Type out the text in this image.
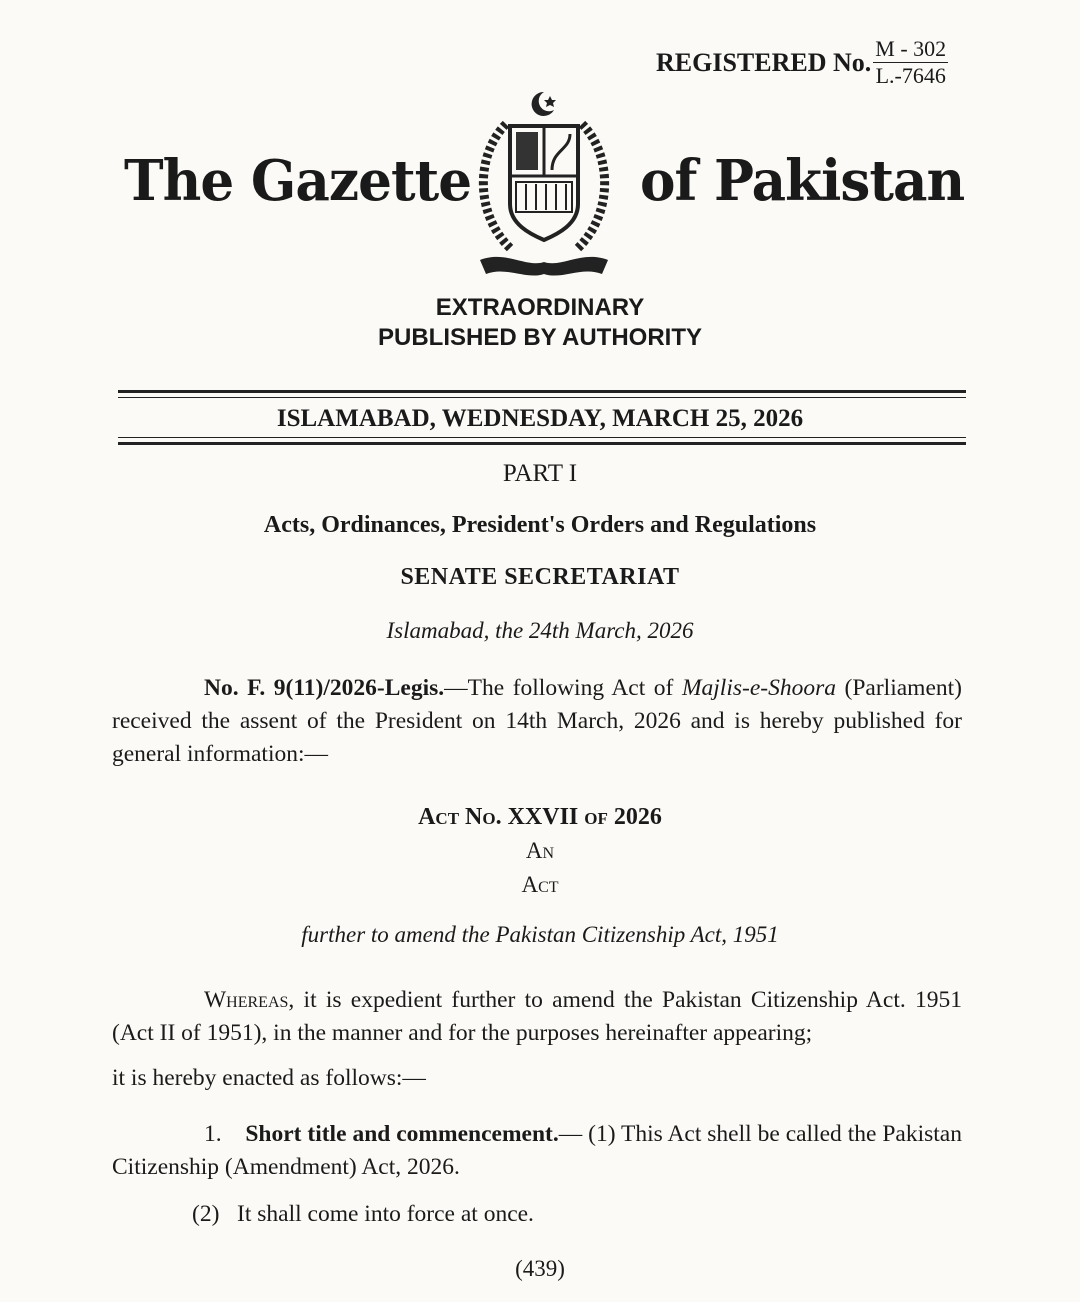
REGISTERED No. $\frac{M - 302}{L.-7646}$
The Gazette	of Pakistan
EXTRAORDINARY
PUBLISHED BY AUTHORITY
ISLAMABAD, WEDNESDAY, MARCH 25, 2026
PART I
Acts, Ordinances, President's Orders and Regulations
SENATE SECRETARIAT
Islamabad, the 24th March, 2026

No. F. 9(11)/2026-Legis.—The following Act of Majlis-e-Shoora (Parliament) received the assent of the President on 14th March, 2026 and is hereby published for general information:—

Act No. XXVII of 2026
An
Act
further to amend the Pakistan Citizenship Act, 1951

Whereas, it is expedient further to amend the Pakistan Citizenship Act. 1951 (Act II of 1951), in the manner and for the purposes hereinafter appearing;

it is hereby enacted as follows:—

1. Short title and commencement.— (1) This Act shell be called the Pakistan Citizenship (Amendment) Act, 2026.

(2) It shall come into force at once.

(439)
